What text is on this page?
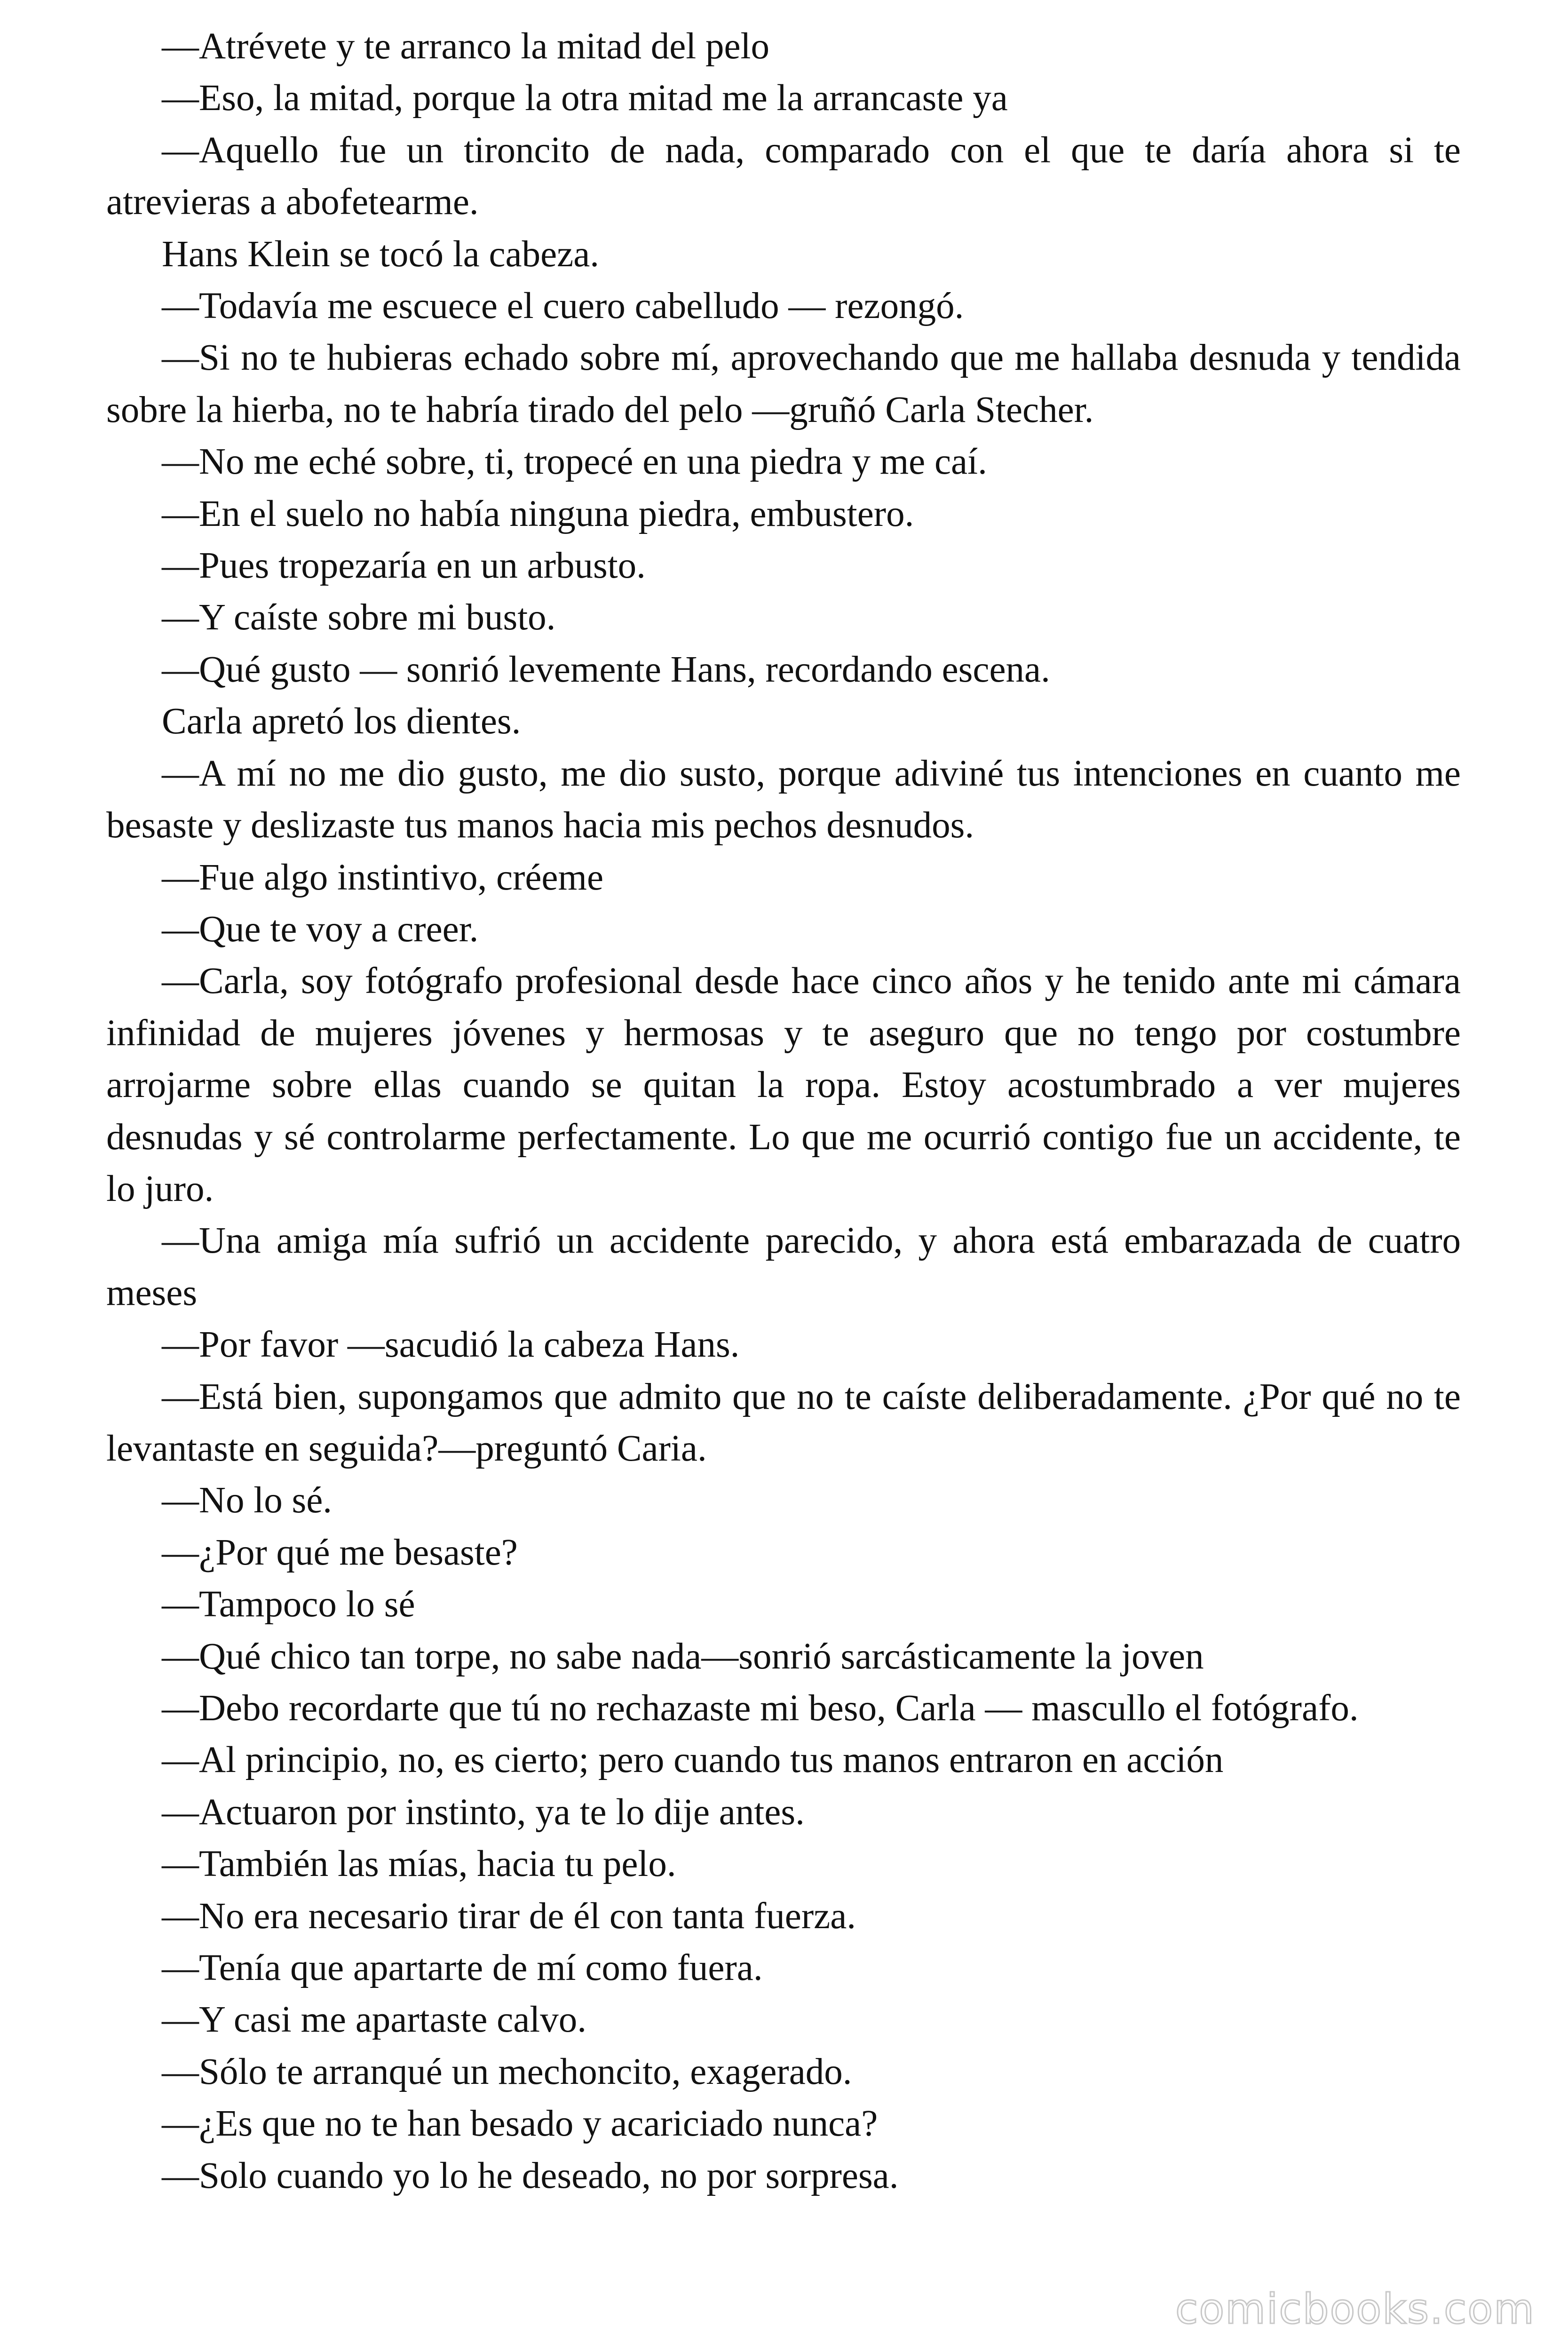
—Atrévete y te arranco la mitad del pelo

—Eso, la mitad, porque la otra mitad me la arrancaste ya

—Aquello fue un tironcito de nada, comparado con el que te daría ahora si te atrevieras a abofetearme.

Hans Klein se tocó la cabeza.

—Todavía me escuece el cuero cabelludo — rezongó.

—Si no te hubieras echado sobre mí, aprovechando que me hallaba desnuda y tendida sobre la hierba, no te habría tirado del pelo —gruñó Carla Stecher.

—No me eché sobre, ti, tropecé en una piedra y me caí.

—En el suelo no había ninguna piedra, embustero.

—Pues tropezaría en un arbusto.

—Y caíste sobre mi busto.

—Qué gusto — sonrió levemente Hans, recordando escena.

Carla apretó los dientes.

—A mí no me dio gusto, me dio susto, porque adiviné tus intenciones en cuanto me besaste y deslizaste tus manos hacia mis pechos desnudos.

—Fue algo instintivo, créeme

—Que te voy a creer.

—Carla, soy fotógrafo profesional desde hace cinco años y he tenido ante mi cámara infinidad de mujeres jóvenes y hermosas y te aseguro que no tengo por costumbre arrojarme sobre ellas cuando se quitan la ropa. Estoy acostumbrado a ver mujeres desnudas y sé controlarme perfectamente. Lo que me ocurrió contigo fue un accidente, te lo juro.

—Una amiga mía sufrió un accidente parecido, y ahora está embarazada de cuatro meses

—Por favor —sacudió la cabeza Hans.

—Está bien, supongamos que admito que no te caíste deliberadamente. ¿Por qué no te levantaste en seguida?—preguntó Caria.

—No lo sé.

—¿Por qué me besaste?

—Tampoco lo sé

—Qué chico tan torpe, no sabe nada—sonrió sarcásticamente la joven

—Debo recordarte que tú no rechazaste mi beso, Carla — mascullo el fotógrafo.

—Al principio, no, es cierto; pero cuando tus manos entraron en acción

—Actuaron por instinto, ya te lo dije antes.

—También las mías, hacia tu pelo.

—No era necesario tirar de él con tanta fuerza.

—Tenía que apartarte de mí como fuera.

—Y casi me apartaste calvo.

—Sólo te arranqué un mechoncito, exagerado.

—¿Es que no te han besado y acariciado nunca?

—Solo cuando yo lo he deseado, no por sorpresa.

comicbooks.com
